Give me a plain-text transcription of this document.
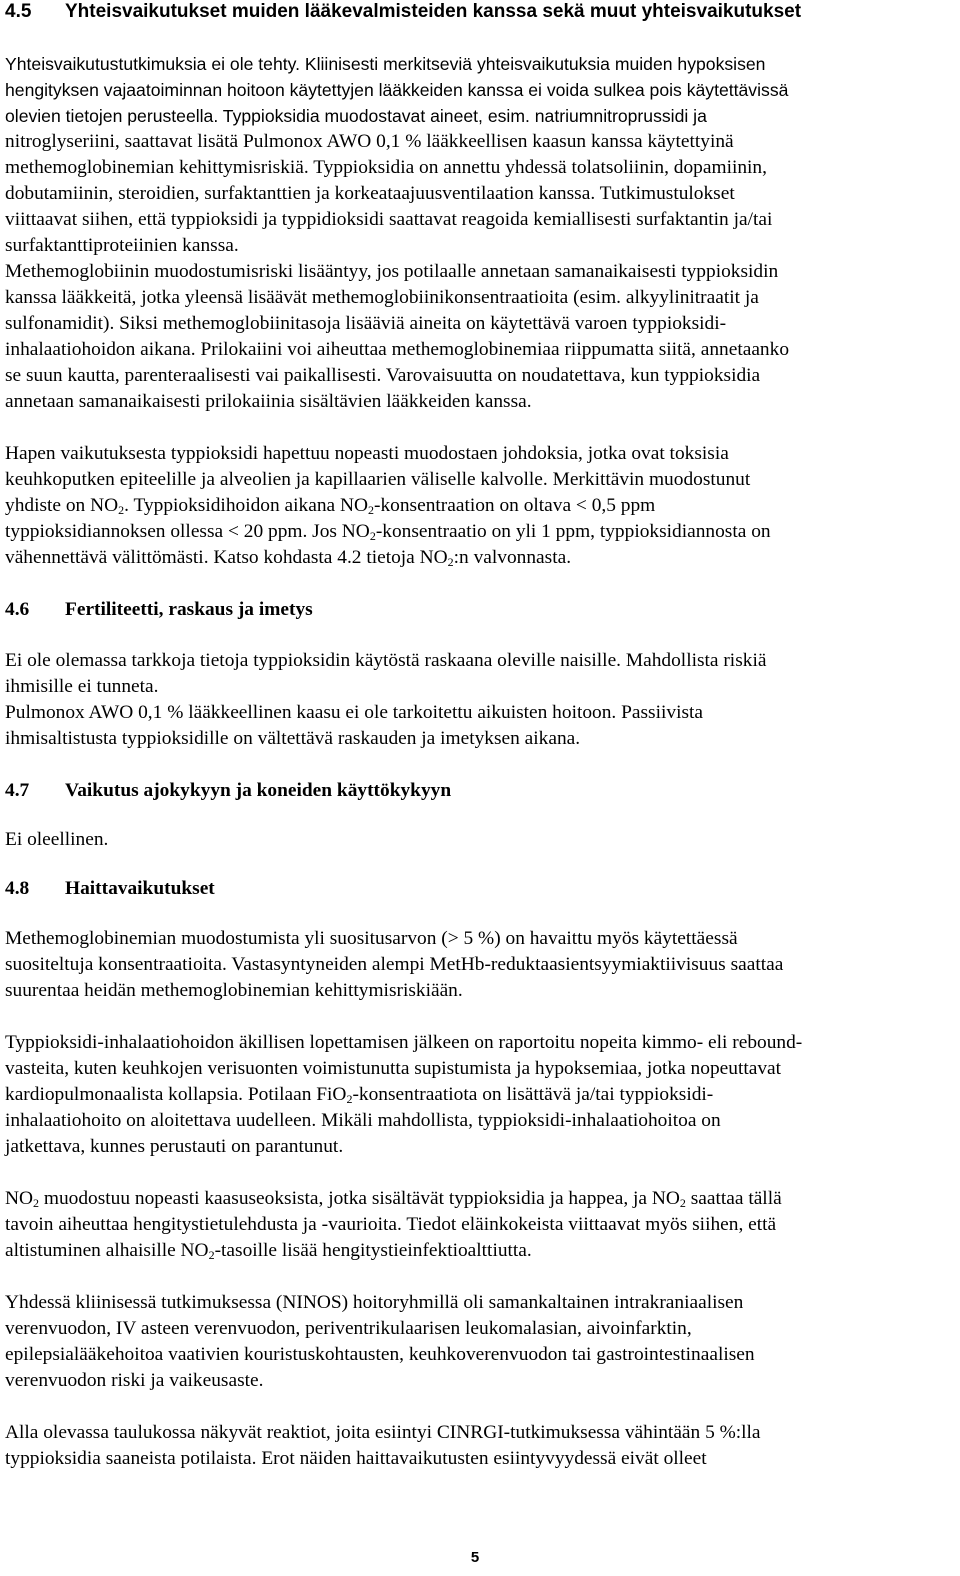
4.5 Yhteisvaikutukset muiden lääkevalmisteiden kanssa sekä muut yhteisvaikutukset
Yhteisvaikutustutkimuksia ei ole tehty. Kliinisesti merkitseviä yhteisvaikutuksia muiden hypoksisen
hengityksen vajaatoiminnan hoitoon käytettyjen lääkkeiden kanssa ei voida sulkea pois käytettävissä
olevien tietojen perusteella. Typpioksidia muodostavat aineet, esim. natriumnitroprussidi ja
nitroglyseriini, saattavat lisätä Pulmonox AWO 0,1 % lääkkeellisen kaasun kanssa käytettyinä
methemoglobinemian kehittymisriskiä. Typpioksidia on annettu yhdessä tolatsoliinin, dopamiinin,
dobutamiinin, steroidien, surfaktanttien ja korkeataajuusventilaation kanssa. Tutkimustulokset
viittaavat siihen, että typpioksidi ja typpidioksidi saattavat reagoida kemiallisesti surfaktantin ja/tai
surfaktanttiproteiinien kanssa.
Methemoglobiinin muodostumisriski lisääntyy, jos potilaalle annetaan samanaikaisesti typpioksidin
kanssa lääkkeitä, jotka yleensä lisäävät methemoglobiinikonsentraatioita (esim. alkyylinitraatit ja
sulfonamidit). Siksi methemoglobiinitasoja lisääviä aineita on käytettävä varoen typpioksidi-
inhalaatiohoidon aikana. Prilokaiini voi aiheuttaa methemoglobinemiaa riippumatta siitä, annetaanko
se suun kautta, parenteraalisesti vai paikallisesti. Varovaisuutta on noudatettava, kun typpioksidia
annetaan samanaikaisesti prilokaiinia sisältävien lääkkeiden kanssa.
Hapen vaikutuksesta typpioksidi hapettuu nopeasti muodostaen johdoksia, jotka ovat toksisia
keuhkoputken epiteelille ja alveolien ja kapillaarien väliselle kalvolle. Merkittävin muodostunut
yhdiste on $NO_2$. Typpioksidihoidon aikana $NO_2$-konsentraation on oltava < 0,5 ppm
typpioksidiannoksen ollessa < 20 ppm. Jos $NO_2$-konsentraatio on yli 1 ppm, typpioksidiannosta on
vähennettävä välittömästi. Katso kohdasta 4.2 tietoja $NO_2:n$ valvonnasta.
4.6 Fertiliteetti, raskaus ja imetys
Ei ole olemassa tarkkoja tietoja typpioksidin käytöstä raskaana oleville naisille. Mahdollista riskiä
ihmisille ei tunneta.
Pulmonox AWO 0,1 % lääkkeellinen kaasu ei ole tarkoitettu aikuisten hoitoon. Passiivista
ihmisaltistusta typpioksidille on vältettävä raskauden ja imetyksen aikana.
4.7 Vaikutus ajokykyyn ja koneiden käyttökykyyn
Ei oleellinen.
4.8 Haittavaikutukset
Methemoglobinemian muodostumista yli suositusarvon (> 5 %) on havaittu myös käytettäessä
suositeltuja konsentraatioita. Vastasyntyneiden alempi MetHb-reduktaasientsyymiaktiivisuus saattaa
suurentaa heidän methemoglobinemian kehittymisriskiään.
Typpioksidi-inhalaatiohoidon äkillisen lopettamisen jälkeen on raportoitu nopeita kimmo- eli rebound-
vasteita, kuten keuhkojen verisuonten voimistunutta supistumista ja hypoksemiaa, jotka nopeuttavat
kardiopulmonaalista kollapsia. Potilaan FiO$_2$-konsentraatiota on lisättävä ja/tai typpioksidi-
inhalaatiohoito on aloitettava uudelleen. Mikäli mahdollista, typpioksidi-inhalaatiohoitoa on
jatkettava, kunnes perustauti on parantunut.
$NO_2$ muodostuu nopeasti kaasuseoksista, jotka sisältävät typpioksidia ja happea, ja $NO_2$ saattaa tällä
tavoin aiheuttaa hengitystietulehdusta ja -vaurioita. Tiedot eläinkokeista viittaavat myös siihen, että
altistuminen alhaisille $NO_2$-tasoille lisää hengitystieinfektioalttiutta.
Yhdessä kliinisessä tutkimuksessa (NINOS) hoitoryhmillä oli samankaltainen intrakraniaalisen
verenvuodon, IV asteen verenvuodon, periventrikulaarisen leukomalasian, aivoinfarktin,
epilepsialääkehoitoa vaativien kouristuskohtausten, keuhkoverenvuodon tai gastrointestinaalisen
verenvuodon riski ja vaikeusaste.
Alla olevassa taulukossa näkyvät reaktiot, joita esiintyi CINRGI-tutkimuksessa vähintään 5 %:lla
typpioksidia saaneista potilaista. Erot näiden haittavaikutusten esiintyvyydessä eivät olleet
5
